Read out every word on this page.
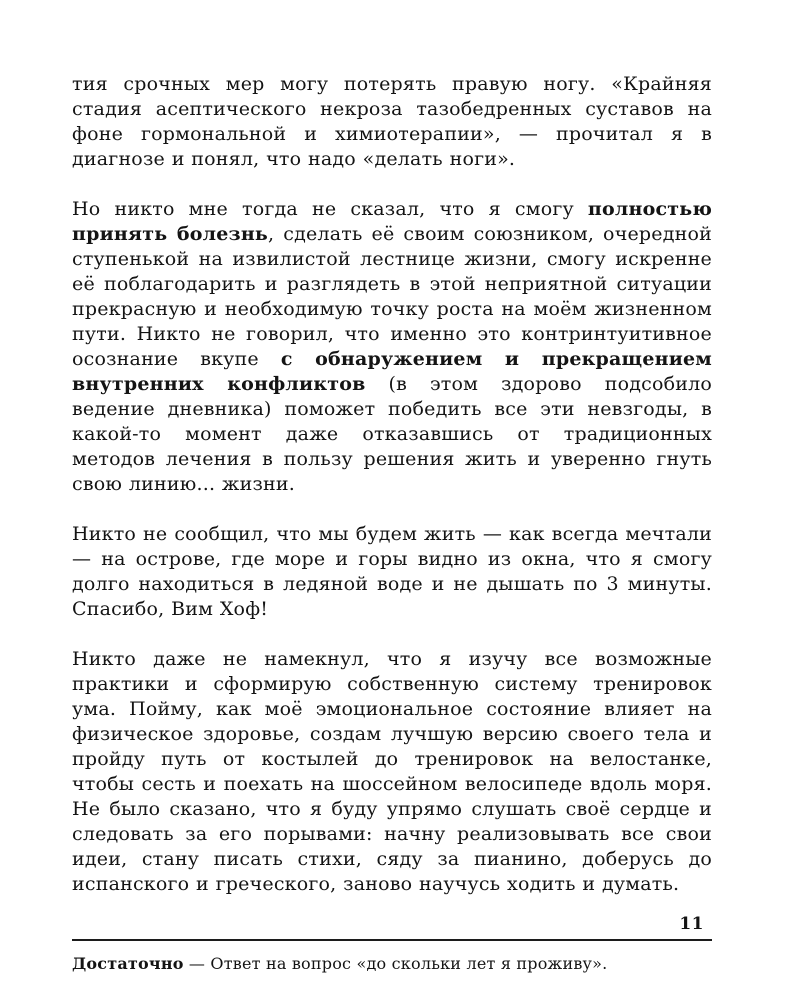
тия срочных мер могу потерять правую ногу. «Крайняя стадия асептического некроза тазобедренных суставов на фоне гормональной и химиотерапии», — прочитал я в диагнозе и понял, что надо «делать ноги».

Но никто мне тогда не сказал, что я смогу полностью принять болезнь, сделать её своим союзником, очередной ступенькой на извилистой лестнице жизни, смогу искренне её поблагодарить и разглядеть в этой неприятной ситуации прекрасную и необходимую точку роста на моём жизненном пути. Никто не говорил, что именно это контринтуитивное осознание вкупе с обнаружением и прекращением внутренних конфликтов (в этом здорово подсобило ведение дневника) поможет победить все эти невзгоды, в какой-то момент даже отказавшись от традиционных методов лечения в пользу решения жить и уверенно гнуть свою линию... жизни.

Никто не сообщил, что мы будем жить — как всегда мечтали — на острове, где море и горы видно из окна, что я смогу долго находиться в ледяной воде и не дышать по 3 минуты. Спасибо, Вим Хоф!

Никто даже не намекнул, что я изучу все возможные практики и сформирую собственную систему тренировок ума. Пойму, как моё эмоциональное состояние влияет на физическое здоровье, создам лучшую версию своего тела и пройду путь от костылей до тренировок на велостанке, чтобы сесть и поехать на шоссейном велосипеде вдоль моря. Не было сказано, что я буду упрямо слушать своё сердце и следовать за его порывами: начну реализовывать все свои идеи, стану писать стихи, сяду за пианино, доберусь до испанского и греческого, заново научусь ходить и думать.

Достаточно — Ответ на вопрос «до скольки лет я проживу».

11
